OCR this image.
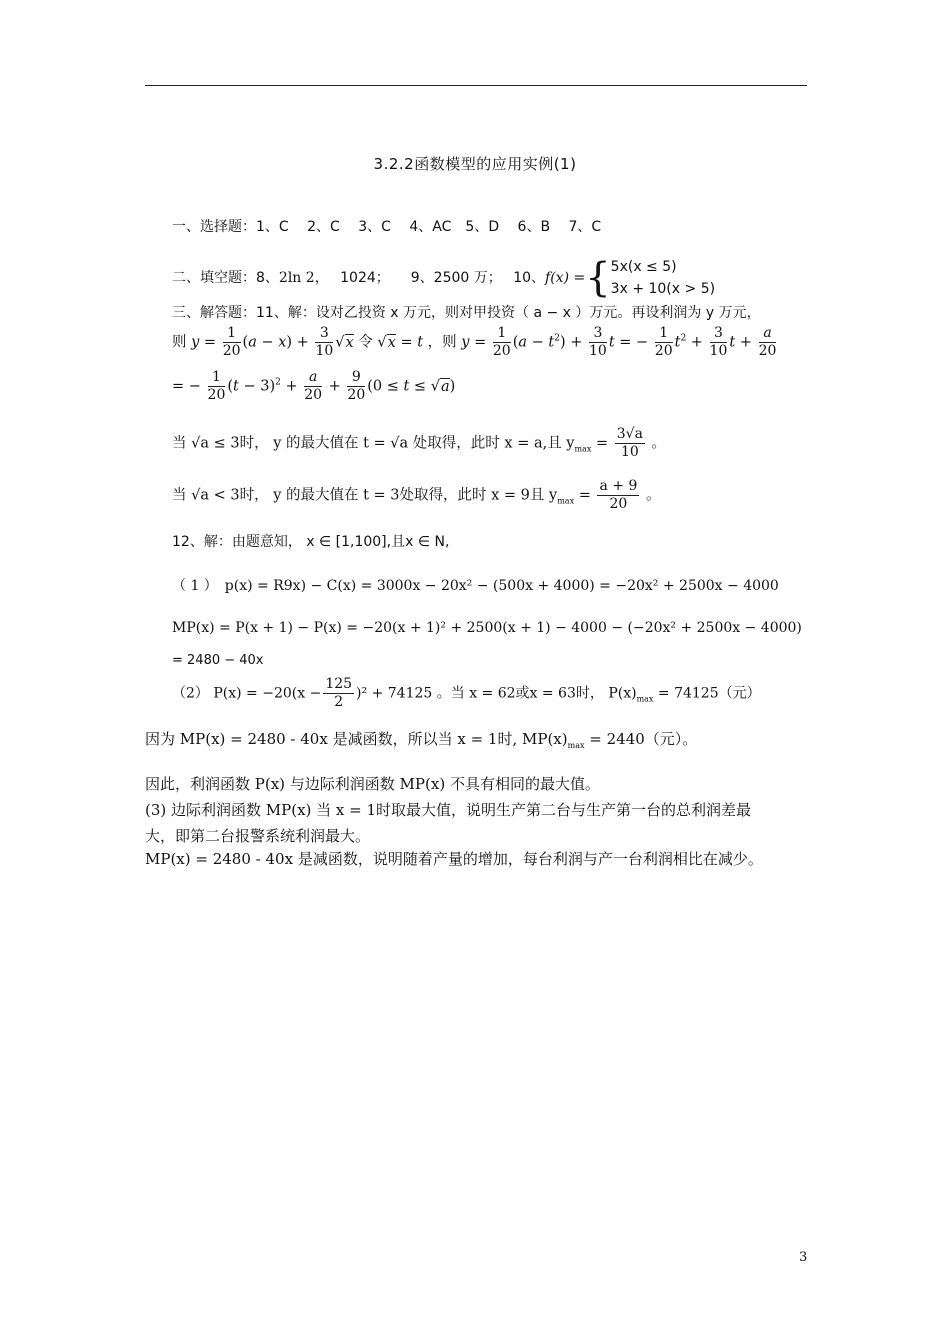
3.2.2函数模型的应用实例(1)
一、选择题：1、C　 2、C　 3、C　 4、AC　5、D　 6、B　 7、C
二、填空题：8、2ln 2，　 1024；　　9、2500 万；　 10、f(x) ={ 5x(x ≤ 5)
3x + 10(x > 5)
三、解答题：11、解：设对乙投资 x 万元，则对甲投资（ a − x ）万元。再设利润为 y 万元，
则 $y = \frac{1}{20} (a - x) + \frac{3}{10} √x$ 令 √x = t ，则 $y = \frac{1}{20} (a - t^2) + \frac{3}{10}$ t = − $\frac{1}{20} t^2 + \frac{3}{10}$ $t + \frac{a}{20}$
= − $\frac{1}{20} (t - 3)^2 + \frac{a}{20} + \frac{9}{20} (0 \le t \le √a)$
当 √a ≤ 3时， y 的最大值在 t = √a 处取得，此时 x = a,且 $y_{max} = \frac{3√a}{10}$ 。
当 √a < 3时， y 的最大值在 t = 3处取得，此时 x = 9且 $y_{max} = \frac{a + 9}{20}$ 。
12、解：由题意知， x ∈ [1,100],且x ∈ N,
（ 1 ）　p(x) = R9x) − C(x) = 3000x − 20x² − (500x + 4000) = −20x² + 2500x − 4000
MP(x) = P(x + 1) − P(x) = −20(x + 1)² + 2500(x + 1) − 4000 − (−20x² + 2500x − 4000)
= 2480 − 40x
（2） $P(x) = -20(x - \frac{125}{2} )^2 + 74125$ 。当 x = 62或x = 63时， $P(x)_{max} = 74125$（元）
因为 MP(x) = 2480 - 40x 是减函数，所以当 x = 1时, $MP(x)_{max} = 2440$（元）。
因此，利润函数 P(x) 与边际利润函数 MP(x) 不具有相同的最大值。
(3) 边际利润函数 MP(x) 当 x = 1时取最大值，说明生产第二台与生产第一台的总利润差最
大，即第二台报警系统利润最大。
MP(x) = 2480 - 40x 是减函数，说明随着产量的增加，每台利润与产一台利润相比在减少。
3
